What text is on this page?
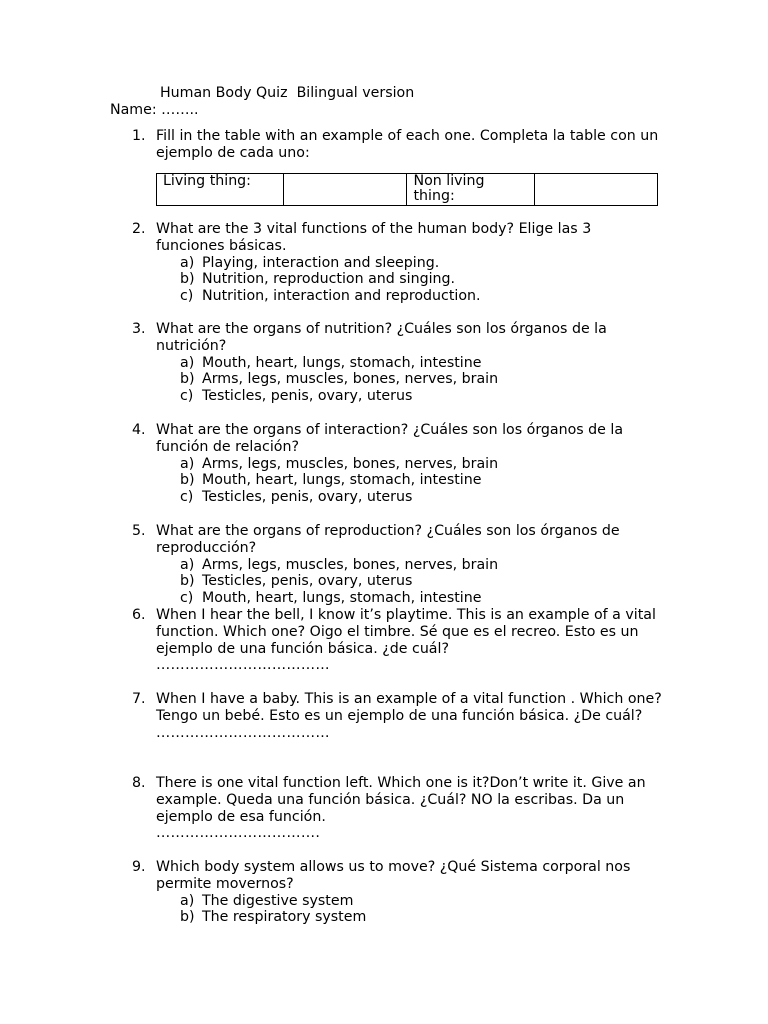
Human Body Quiz  Bilingual version
Name: ……..
1. Fill in the table with an example of each one. Completa la table con un ejemplo de cada uno:
Living thing:		Non living thing:	
2. What are the 3 vital functions of the human body? Elige las 3 funciones básicas.
a) Playing, interaction and sleeping.
b) Nutrition, reproduction and singing.
c) Nutrition, interaction and reproduction.
3. What are the organs of nutrition? ¿Cuáles son los órganos de la nutrición?
a) Mouth, heart, lungs, stomach, intestine
b) Arms, legs, muscles, bones, nerves, brain
c) Testicles, penis, ovary, uterus
4. What are the organs of interaction? ¿Cuáles son los órganos de la función de relación?
a) Arms, legs, muscles, bones, nerves, brain
b) Mouth, heart, lungs, stomach, intestine
c) Testicles, penis, ovary, uterus
5. What are the organs of reproduction? ¿Cuáles son los órganos de reproducción?
a) Arms, legs, muscles, bones, nerves, brain
b) Testicles, penis, ovary, uterus
c) Mouth, heart, lungs, stomach, intestine
6. When I hear the bell, I know it’s playtime. This is an example of a vital function. Which one? Oigo el timbre. Sé que es el recreo. Esto es un ejemplo de una función básica. ¿de cuál?
………………………………
7. When I have a baby. This is an example of a vital function . Which one? Tengo un bebé. Esto es un ejemplo de una función básica. ¿De cuál?
………………………………
8. There is one vital function left. Which one is it?Don’t write it. Give an example. Queda una función básica. ¿Cuál? NO la escribas. Da un ejemplo de esa función.
…………………………….
9. Which body system allows us to move? ¿Qué Sistema corporal nos permite movernos?
a) The digestive system
b) The respiratory system
